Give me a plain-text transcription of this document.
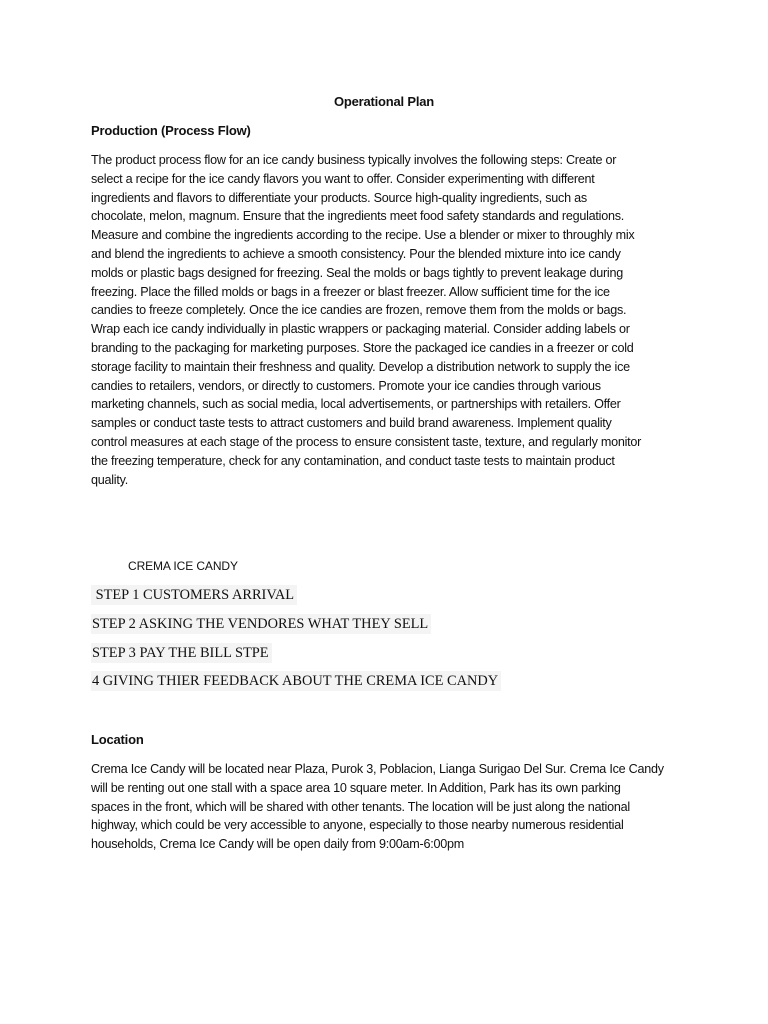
Operational Plan
Production (Process Flow)
The product process flow for an ice candy business typically involves the following steps: Create or
select a recipe for the ice candy flavors you want to offer. Consider experimenting with different
ingredients and flavors to differentiate your products. Source high-quality ingredients, such as
chocolate, melon, magnum. Ensure that the ingredients meet food safety standards and regulations.
Measure and combine the ingredients according to the recipe. Use a blender or mixer to throughly mix
and blend the ingredients to achieve a smooth consistency. Pour the blended mixture into ice candy
molds or plastic bags designed for freezing. Seal the molds or bags tightly to prevent leakage during
freezing. Place the filled molds or bags in a freezer or blast freezer. Allow sufficient time for the ice
candies to freeze completely. Once the ice candies are frozen, remove them from the molds or bags.
Wrap each ice candy individually in plastic wrappers or packaging material. Consider adding labels or
branding to the packaging for marketing purposes. Store the packaged ice candies in a freezer or cold
storage facility to maintain their freshness and quality. Develop a distribution network to supply the ice
candies to retailers, vendors, or directly to customers. Promote your ice candies through various
marketing channels, such as social media, local advertisements, or partnerships with retailers. Offer
samples or conduct taste tests to attract customers and build brand awareness. Implement quality
control measures at each stage of the process to ensure consistent taste, texture, and regularly monitor
the freezing temperature, check for any contamination, and conduct taste tests to maintain product
quality.
CREMA ICE CANDY
STEP 1 CUSTOMERS ARRIVAL
STEP 2 ASKING THE VENDORES WHAT THEY SELL
STEP 3 PAY THE BILL STPE
4 GIVING THIER FEEDBACK ABOUT THE CREMA ICE CANDY
Location
Crema Ice Candy will be located near Plaza, Purok 3, Poblacion, Lianga Surigao Del Sur. Crema Ice Candy
will be renting out one stall with a space area 10 square meter. In Addition, Park has its own parking
spaces in the front, which will be shared with other tenants. The location will be just along the national
highway, which could be very accessible to anyone, especially to those nearby numerous residential
households, Crema Ice Candy will be open daily from 9:00am-6:00pm
